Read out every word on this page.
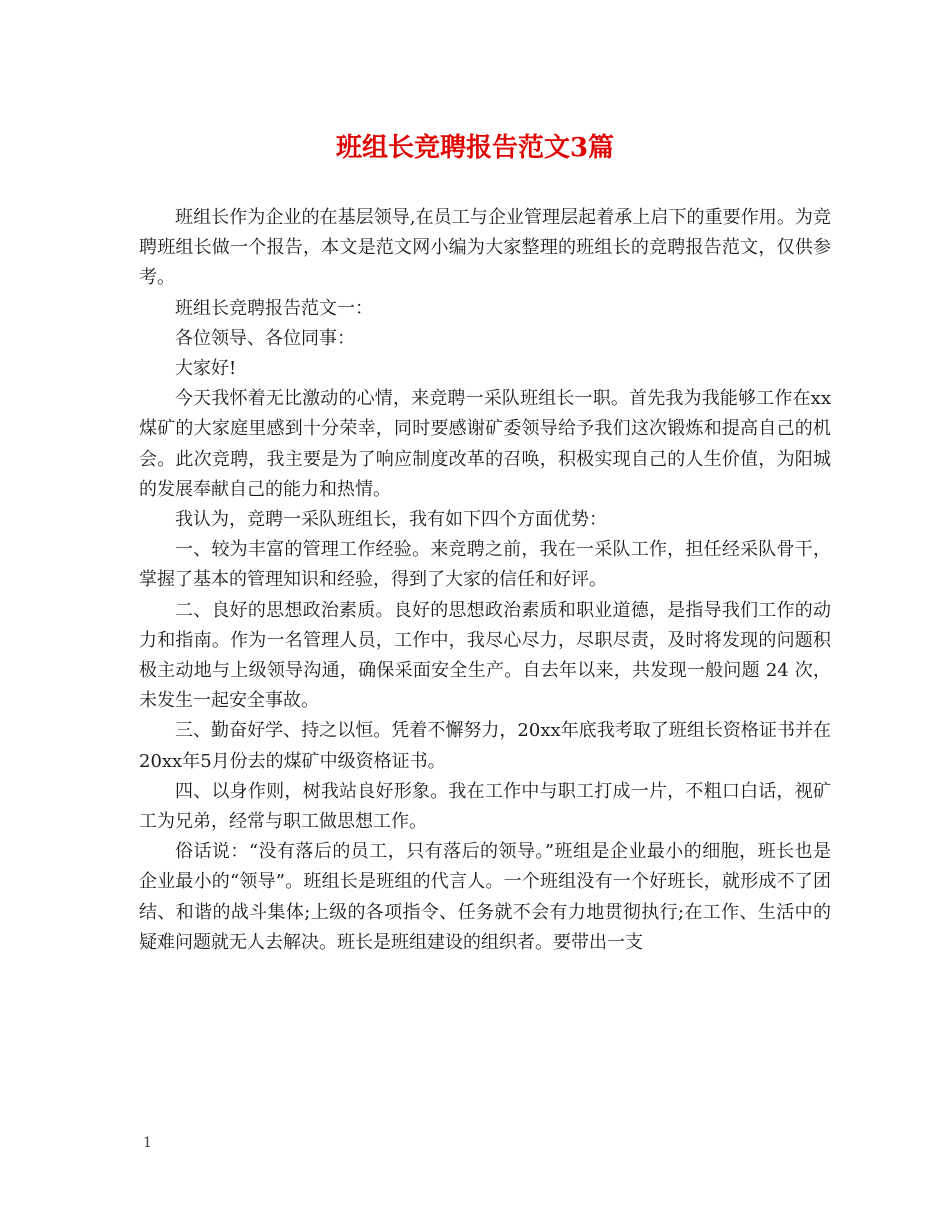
班组长竞聘报告范文3篇

班组长作为企业的在基层领导,在员工与企业管理层起着承上启下的重要作用。为竞聘班组长做一个报告，本文是范文网小编为大家整理的班组长的竞聘报告范文，仅供参考。

班组长竞聘报告范文一：

各位领导、各位同事：

大家好!

今天我怀着无比激动的心情，来竞聘一采队班组长一职。首先我为我能够工作在xx煤矿的大家庭里感到十分荣幸，同时要感谢矿委领导给予我们这次锻炼和提高自己的机会。此次竞聘，我主要是为了响应制度改革的召唤，积极实现自己的人生价值，为阳城的发展奉献自己的能力和热情。

我认为，竞聘一采队班组长，我有如下四个方面优势：

一、较为丰富的管理工作经验。来竞聘之前，我在一采队工作，担任经采队骨干，掌握了基本的管理知识和经验，得到了大家的信任和好评。

二、良好的思想政治素质。良好的思想政治素质和职业道德，是指导我们工作的动力和指南。作为一名管理人员，工作中，我尽心尽力，尽职尽责，及时将发现的问题积极主动地与上级领导沟通，确保采面安全生产。自去年以来，共发现一般问题 24 次，未发生一起安全事故。

三、勤奋好学、持之以恒。凭着不懈努力，20xx年底我考取了班组长资格证书并在20xx年5月份去的煤矿中级资格证书。

四、以身作则，树我站良好形象。我在工作中与职工打成一片，不粗口白话，视矿工为兄弟，经常与职工做思想工作。

俗话说：“没有落后的员工，只有落后的领导。”班组是企业最小的细胞，班长也是企业最小的“领导”。班组长是班组的代言人。一个班组没有一个好班长，就形成不了团结、和谐的战斗集体;上级的各项指令、任务就不会有力地贯彻执行;在工作、生活中的疑难问题就无人去解决。班长是班组建设的组织者。要带出一支

1
